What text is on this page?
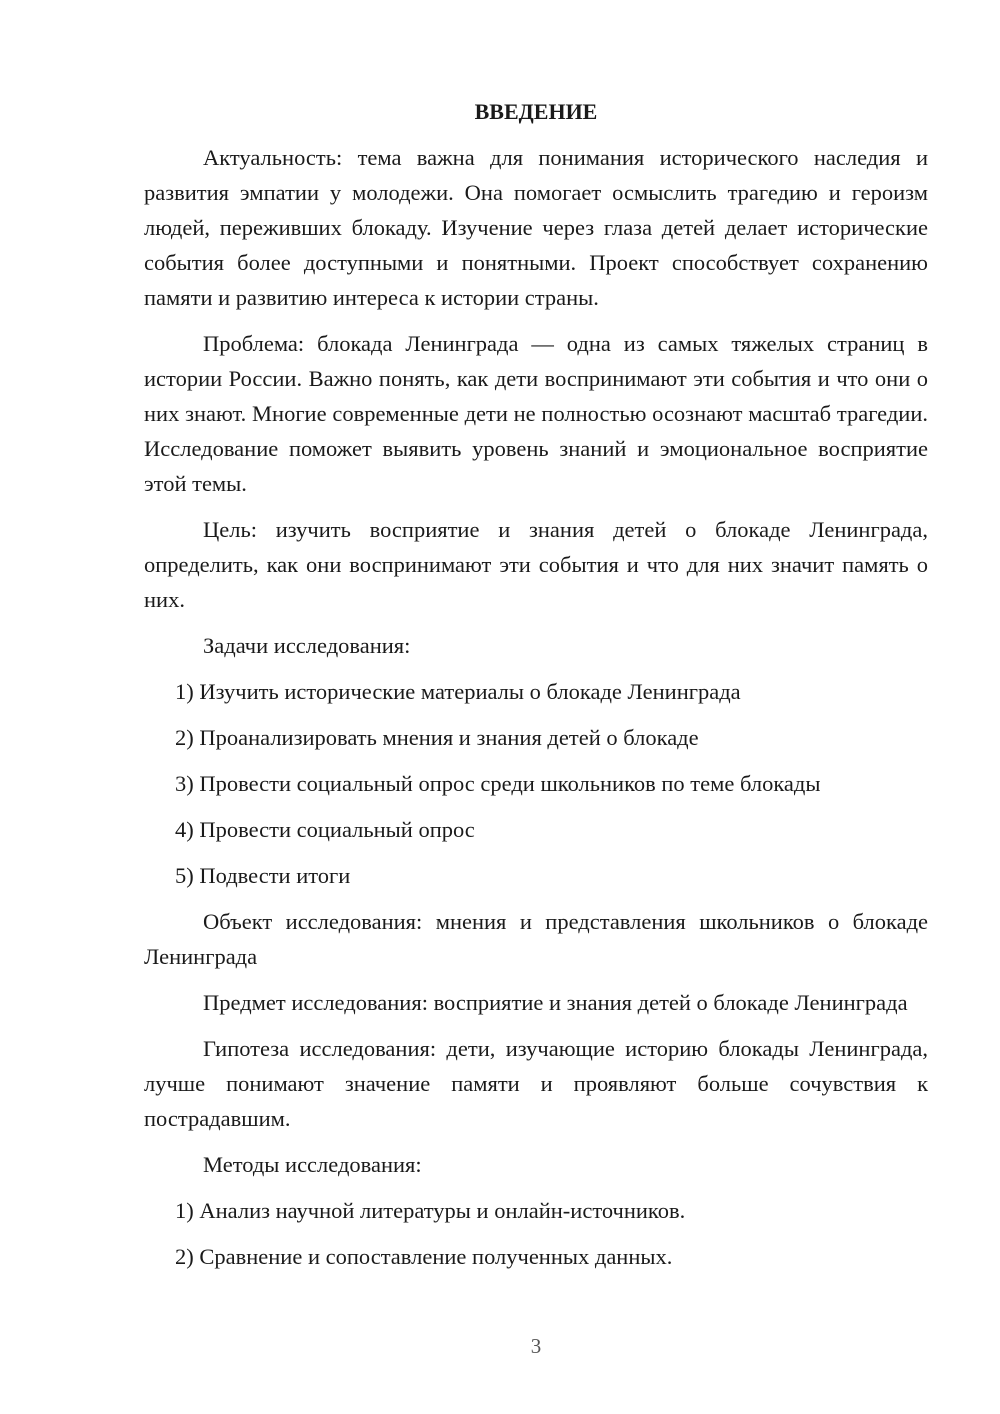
ВВЕДЕНИЕ

Актуальность: тема важна для понимания исторического наследия и развития эмпатии у молодежи. Она помогает осмыслить трагедию и героизм людей, переживших блокаду. Изучение через глаза детей делает исторические события более доступными и понятными. Проект способствует сохранению памяти и развитию интереса к истории страны.

Проблема: блокада Ленинграда — одна из самых тяжелых страниц в истории России. Важно понять, как дети воспринимают эти события и что они о них знают. Многие современные дети не полностью осознают масштаб трагедии. Исследование поможет выявить уровень знаний и эмоциональное восприятие этой темы.

Цель: изучить восприятие и знания детей о блокаде Ленинграда, определить, как они воспринимают эти события и что для них значит память о них.

Задачи исследования:

1) Изучить исторические материалы о блокаде Ленинграда
2) Проанализировать мнения и знания детей о блокаде
3) Провести социальный опрос среди школьников по теме блокады
4) Провести социальный опрос
5) Подвести итоги

Объект исследования: мнения и представления школьников о блокаде Ленинграда

Предмет исследования: восприятие и знания детей о блокаде Ленинграда

Гипотеза исследования: дети, изучающие историю блокады Ленинграда, лучше понимают значение памяти и проявляют больше сочувствия к пострадавшим.

Методы исследования:

1) Анализ научной литературы и онлайн-источников.
2) Сравнение и сопоставление полученных данных.
3
